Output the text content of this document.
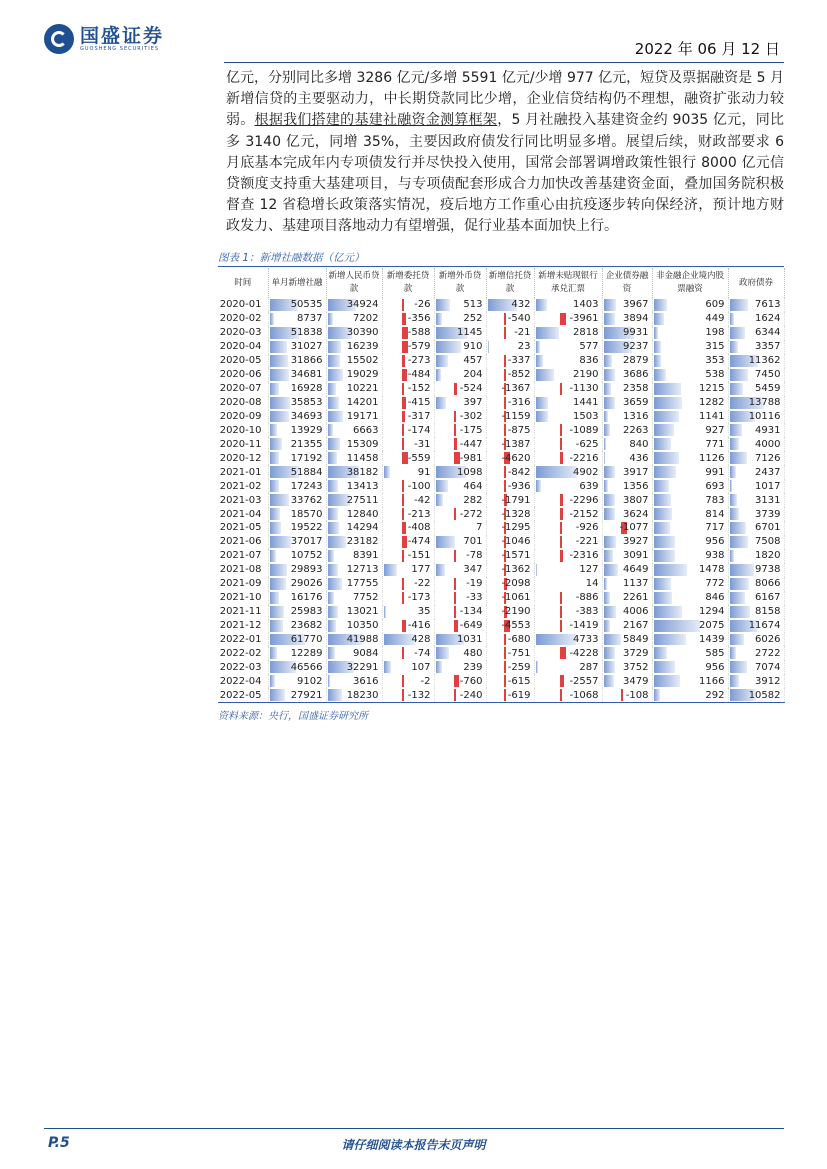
国盛证券
GUOSHENG SECURITIES	2022 年 06 月 12 日
亿元，分别同比多增 3286 亿元/多增 5591 亿元/少增 977 亿元，短贷及票据融资是 5 月新增信贷的主要驱动力，中长期贷款同比少增，企业信贷结构仍不理想，融资扩张动力较弱。根据我们搭建的基建社融资金测算框架，5 月社融投入基建资金约 9035 亿元，同比多 3140 亿元，同增 35%，主要因政府债发行同比明显多增。展望后续，财政部要求 6 月底基本完成年内专项债发行并尽快投入使用，国常会部署调增政策性银行 8000 亿元信贷额度支持重大基建项目，与专项债配套形成合力加快改善基建资金面，叠加国务院积极督查 12 省稳增长政策落实情况，疫后地方工作重心由抗疫逐步转向保经济，预计地方财政发力、基建项目落地动力有望增强，促行业基本面加快上行。
图表 1：新增社融数据（亿元）
时间	单月新增社融	新增人民币贷款	新增委托贷款	新增外币贷款	新增信托贷款	新增未贴现银行承兑汇票	企业债券融资	非金融企业境内股票融资	政府债券
2020-01	50535	34924	-26	513	432	1403	3967	609	7613
2020-02	8737	7202	-356	252	-540	-3961	3894	449	1624
2020-03	51838	30390	-588	1145	-21	2818	9931	198	6344
2020-04	31027	16239	-579	910	23	577	9237	315	3357
2020-05	31866	15502	-273	457	-337	836	2879	353	11362
2020-06	34681	19029	-484	204	-852	2190	3686	538	7450
2020-07	16928	10221	-152	-524	-1367	-1130	2358	1215	5459
2020-08	35853	14201	-415	397	-316	1441	3659	1282	13788
2020-09	34693	19171	-317	-302	-1159	1503	1316	1141	10116
2020-10	13929	6663	-174	-175	-875	-1089	2263	927	4931
2020-11	21355	15309	-31	-447	-1387	-625	840	771	4000
2020-12	17192	11458	-559	-981	-4620	-2216	436	1126	7126
2021-01	51884	38182	91	1098	-842	4902	3917	991	2437
2021-02	17243	13413	-100	464	-936	639	1356	693	1017
2021-03	33762	27511	-42	282	-1791	-2296	3807	783	3131
2021-04	18570	12840	-213	-272	-1328	-2152	3624	814	3739
2021-05	19522	14294	-408	7	-1295	-926	-1077	717	6701
2021-06	37017	23182	-474	701	-1046	-221	3927	956	7508
2021-07	10752	8391	-151	-78	-1571	-2316	3091	938	1820
2021-08	29893	12713	177	347	-1362	127	4649	1478	9738
2021-09	29026	17755	-22	-19	-2098	14	1137	772	8066
2021-10	16176	7752	-173	-33	-1061	-886	2261	846	6167
2021-11	25983	13021	35	-134	-2190	-383	4006	1294	8158
2021-12	23682	10350	-416	-649	-4553	-1419	2167	2075	11674
2022-01	61770	41988	428	1031	-680	4733	5849	1439	6026
2022-02	12289	9084	-74	480	-751	-4228	3729	585	2722
2022-03	46566	32291	107	239	-259	287	3752	956	7074
2022-04	9102	3616	-2	-760	-615	-2557	3479	1166	3912
2022-05	27921	18230	-132	-240	-619	-1068	-108	292	10582
资料来源：央行，国盛证券研究所
P.5	请仔细阅读本报告末页声明
